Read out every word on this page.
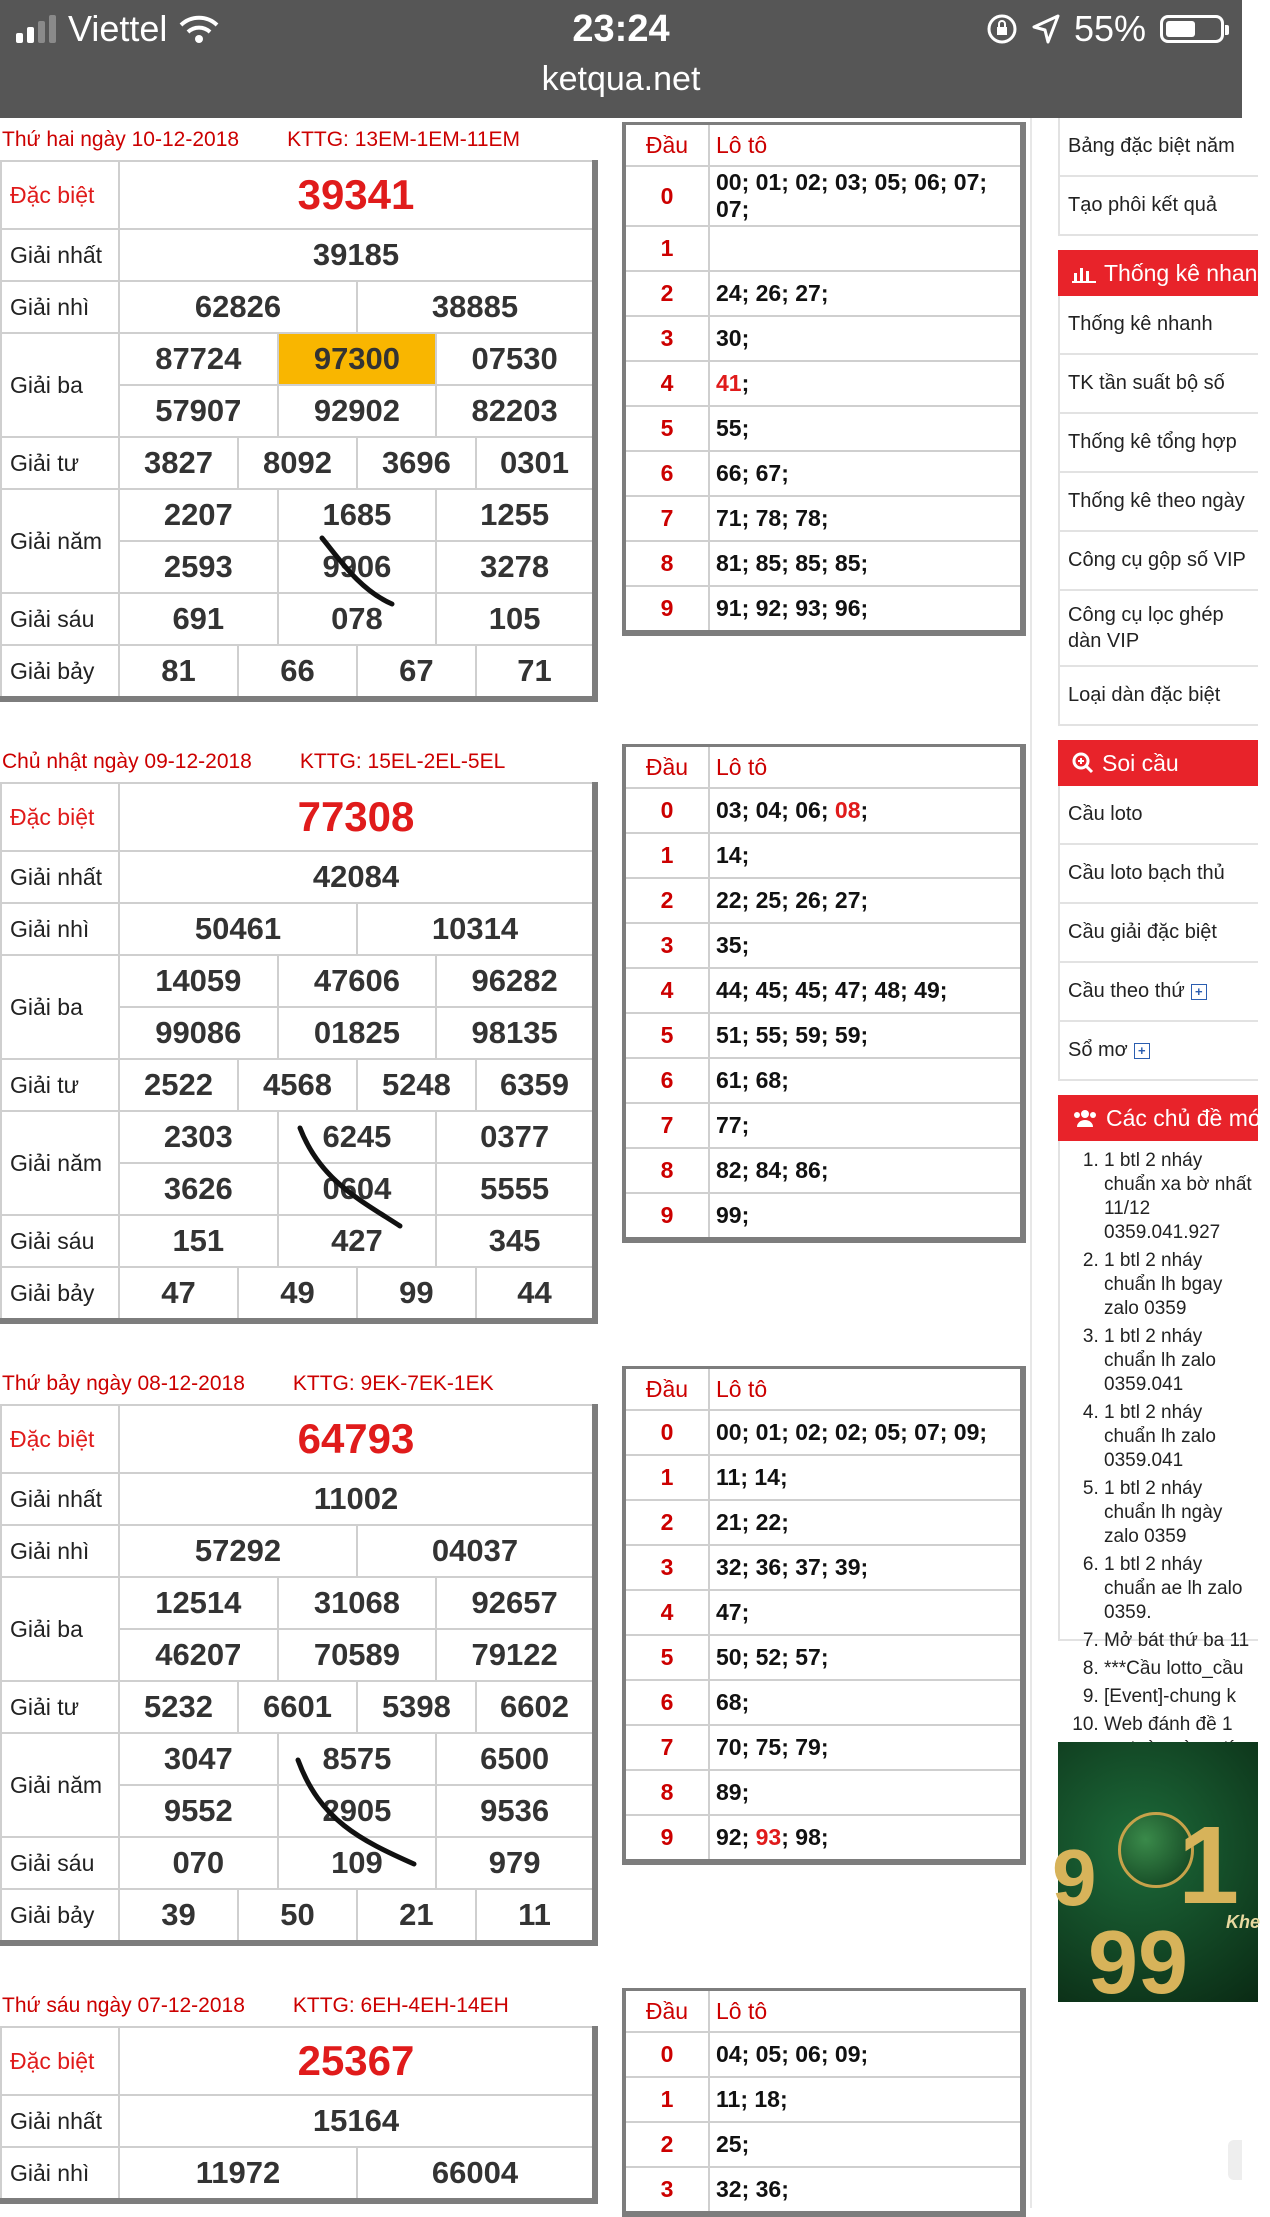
Viettel	23:24	55%
ketqua.net
Thứ hai ngày 10-12-2018 KTTG: 13EM-1EM-11EM
Đặc biệt	39341					
Giải nhất	39185					
Giải nhì	62826			38885		
Giải ba	87724		97300		07530	
	57907		92902		82203	
Giải tư	3827	8092		3696		0301
Giải năm	2207		1685		1255	
	2593		9906		3278	
Giải sáu	691		078		105	
Giải bảy	81	66		67		71
Đầu	Lô tô
0	00; 01; 02; 03; 05; 06; 07; 07;
1	
2	24; 26; 27;
3	30;
4	41;
5	55;
6	66; 67;
7	71; 78; 78;
8	81; 85; 85; 85;
9	91; 92; 93; 96;
Chủ nhật ngày 09-12-2018 KTTG: 15EL-2EL-5EL
Đặc biệt	77308					
Giải nhất	42084					
Giải nhì	50461			10314		
Giải ba	14059		47606		96282	
	99086		01825		98135	
Giải tư	2522	4568		5248		6359
Giải năm	2303		6245		0377	
	3626		0604		5555	
Giải sáu	151		427		345	
Giải bảy	47	49		99		44
Đầu	Lô tô
0	03; 04; 06; 08;
1	14;
2	22; 25; 26; 27;
3	35;
4	44; 45; 45; 47; 48; 49;
5	51; 55; 59; 59;
6	61; 68;
7	77;
8	82; 84; 86;
9	99;
Thứ bảy ngày 08-12-2018 KTTG: 9EK-7EK-1EK
Đặc biệt	64793					
Giải nhất	11002					
Giải nhì	57292			04037		
Giải ba	12514		31068		92657	
	46207		70589		79122	
Giải tư	5232	6601		5398		6602
Giải năm	3047		8575		6500	
	9552		2905		9536	
Giải sáu	070		109		979	
Giải bảy	39	50		21		11
Đầu	Lô tô
0	00; 01; 02; 02; 05; 07; 09;
1	11; 14;
2	21; 22;
3	32; 36; 37; 39;
4	47;
5	50; 52; 57;
6	68;
7	70; 75; 79;
8	89;
9	92; 93; 98;
Thứ sáu ngày 07-12-2018 KTTG: 6EH-4EH-14EH
Đặc biệt	25367	
Giải nhất	15164	
Giải nhì	11972	66004
Đầu	Lô tô
0	04; 05; 06; 09;
1	11; 18;
2	25;
3	32; 36;
Bảng đặc biệt năm
Tạo phôi kết quả
Thống kê nhanh
Thống kê nhanh
TK tần suất bộ số
Thống kê tổng hợp
Thống kê theo ngày
Công cụ gộp số VIP
Công cụ lọc ghép dàn VIP
Loại dàn đặc biệt
Soi cầu
Cầu loto
Cầu loto bạch thủ
Cầu giải đặc biệt
Cầu theo thứ +
Sổ mơ +
Các chủ đề mới
1. 1 btl 2 nháy chuẩn xa bờ nhất 11/12 0359.041.927
2. 1 btl 2 nháy chuẩn lh bgay zalo 0359
3. 1 btl 2 nháy chuẩn lh zalo 0359.041
4. 1 btl 2 nháy chuẩn lh zalo 0359.041
5. 1 btl 2 nháy chuẩn lh ngày zalo 0359
6. 1 btl 2 nháy chuẩn ae lh zalo 0359.
7. Mở bát thứ ba 11
8. ***Cầu lotto_cầu
9. [Event]-chung k
10. Web đánh đề 1
9 1
99 Khe
